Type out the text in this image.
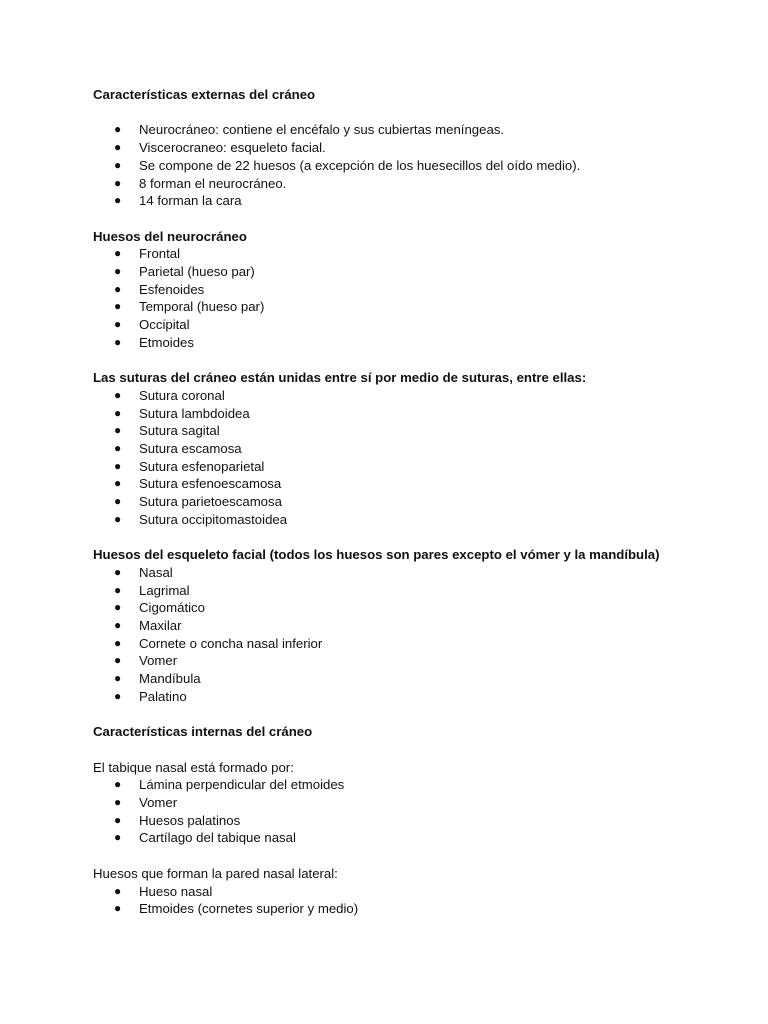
Características externas del cráneo

● Neurocráneo: contiene el encéfalo y sus cubiertas meníngeas.
● Viscerocraneo: esqueleto facial.
● Se compone de 22 huesos (a excepción de los huesecillos del oído medio).
● 8 forman el neurocráneo.
● 14 forman la cara

Huesos del neurocráneo

● Frontal
● Parietal (hueso par)
● Esfenoides
● Temporal (hueso par)
● Occipital
● Etmoides

Las suturas del cráneo están unidas entre sí por medio de suturas, entre ellas:

● Sutura coronal
● Sutura lambdoidea
● Sutura sagital
● Sutura escamosa
● Sutura esfenoparietal
● Sutura esfenoescamosa
● Sutura parietoescamosa
● Sutura occipitomastoidea

Huesos del esqueleto facial (todos los huesos son pares excepto el vómer y la mandíbula)

● Nasal
● Lagrimal
● Cigomático
● Maxilar
● Cornete o concha nasal inferior
● Vomer
● Mandíbula
● Palatino

Características internas del cráneo

El tabique nasal está formado por:

● Lámina perpendicular del etmoides
● Vomer
● Huesos palatinos
● Cartílago del tabique nasal

Huesos que forman la pared nasal lateral:

● Hueso nasal
● Etmoides (cornetes superior y medio)
